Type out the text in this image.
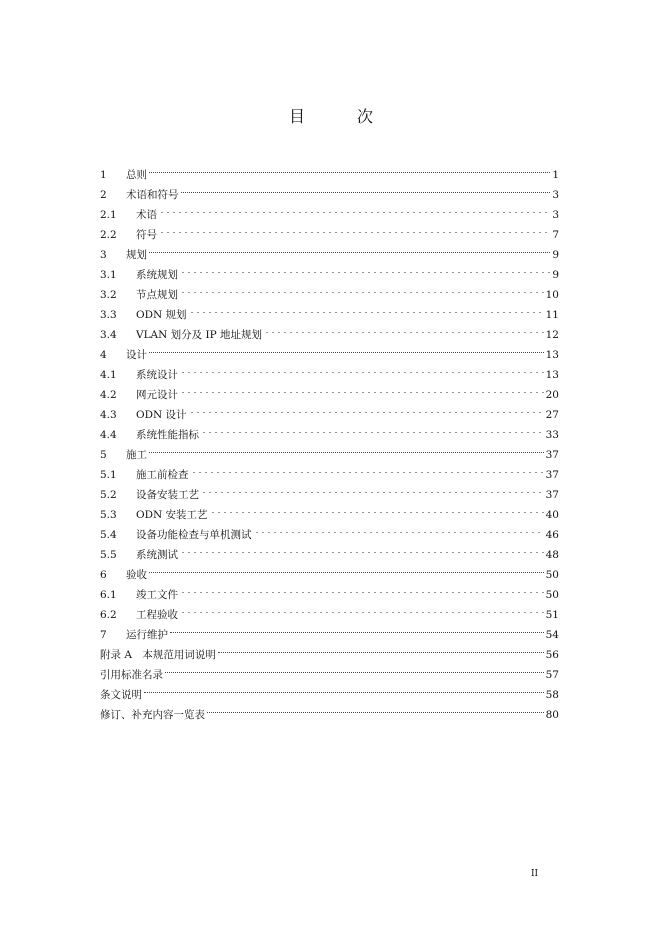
目　次
1	总则	1
2	术语和符号	3
2.1	术语	3
2.2	符号	7
3	规划	9
3.1	系统规划	9
3.2	节点规划	10
3.3	ODN 规划	11
3.4	VLAN 划分及 IP 地址规划	12
4	设计	13
4.1	系统设计	13
4.2	网元设计	20
4.3	ODN 设计	27
4.4	系统性能指标	33
5	施工	37
5.1	施工前检查	37
5.2	设备安装工艺	37
5.3	ODN 安装工艺	40
5.4	设备功能检查与单机测试	46
5.5	系统测试	48
6	验收	50
6.1	竣工文件	50
6.2	工程验收	51
7	运行维护	54
附录 A　本规范用词说明	56
引用标准名录	57
条文说明	58
修订、补充内容一览表	80
II
